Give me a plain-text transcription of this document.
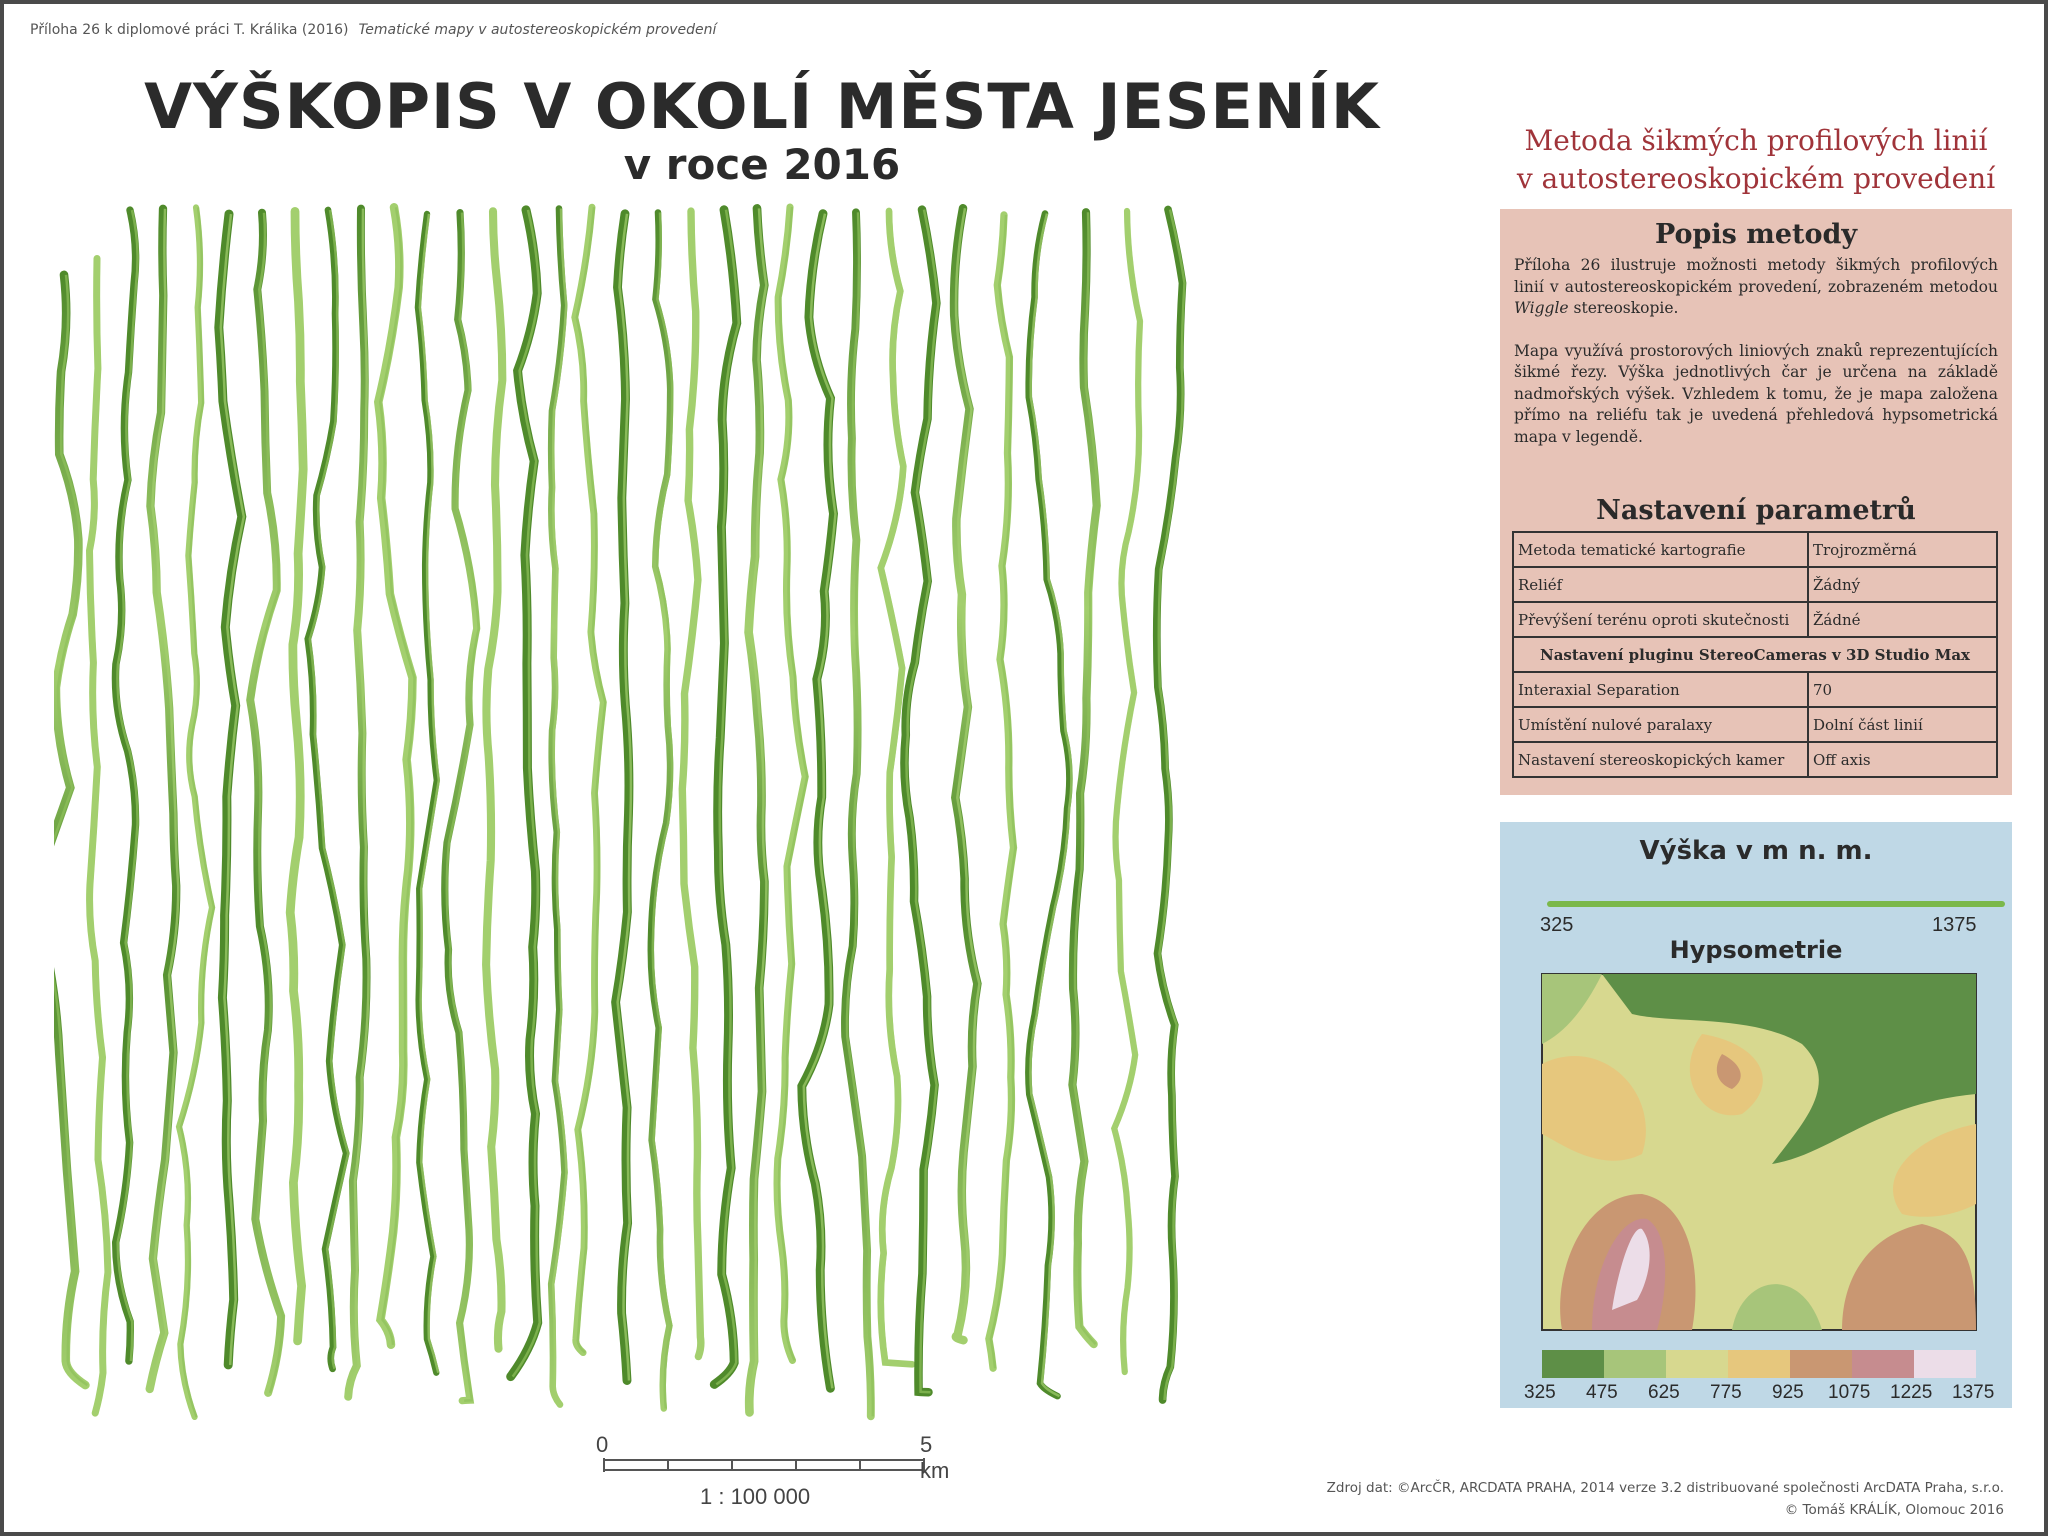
Příloha 26 k diplomové práci T. Králika (2016) Tematické mapy v autostereoskopickém provedení
VÝŠKOPIS V OKOLÍ MĚSTA JESENÍK
v roce 2016	Metoda šikmých profilových linií
v autostereoskopickém provedení
Popis metody

Příloha 26 ilustruje možnosti metody šikmých profilových linií v autostereoskopickém provedení, zobrazeném metodou Wiggle stereoskopie.

Mapa využívá prostorových liniových znaků reprezentujících šikmé řezy. Výška jednotlivých čar je určena na základě nadmořských výšek. Vzhledem k tomu, že je mapa založena přímo na reliéfu tak je uvedená přehledová hypsometrická mapa v legendě.

Nastavení parametrů
Metoda tematické kartografie	Trojrozměrná
Reliéf	Žádný
Převýšení terénu oproti skutečnosti	Žádné
Nastavení pluginu StereoCameras v 3D Studio Max	
Interaxial Separation	70
Umístění nulové paralaxy	Dolní část linií
Nastavení stereoskopických kamer	Off axis
Výška v m n. m.
325	1375
Hypsometrie
325 475 625 775 925 1075 1225 1375
0	5 km
1 : 100 000	Zdroj dat: ©ArcČR, ARCDATA PRAHA, 2014 verze 3.2 distribuované společnosti ArcDATA Praha, s.r.o.
© Tomáš KRÁLÍK, Olomouc 2016
